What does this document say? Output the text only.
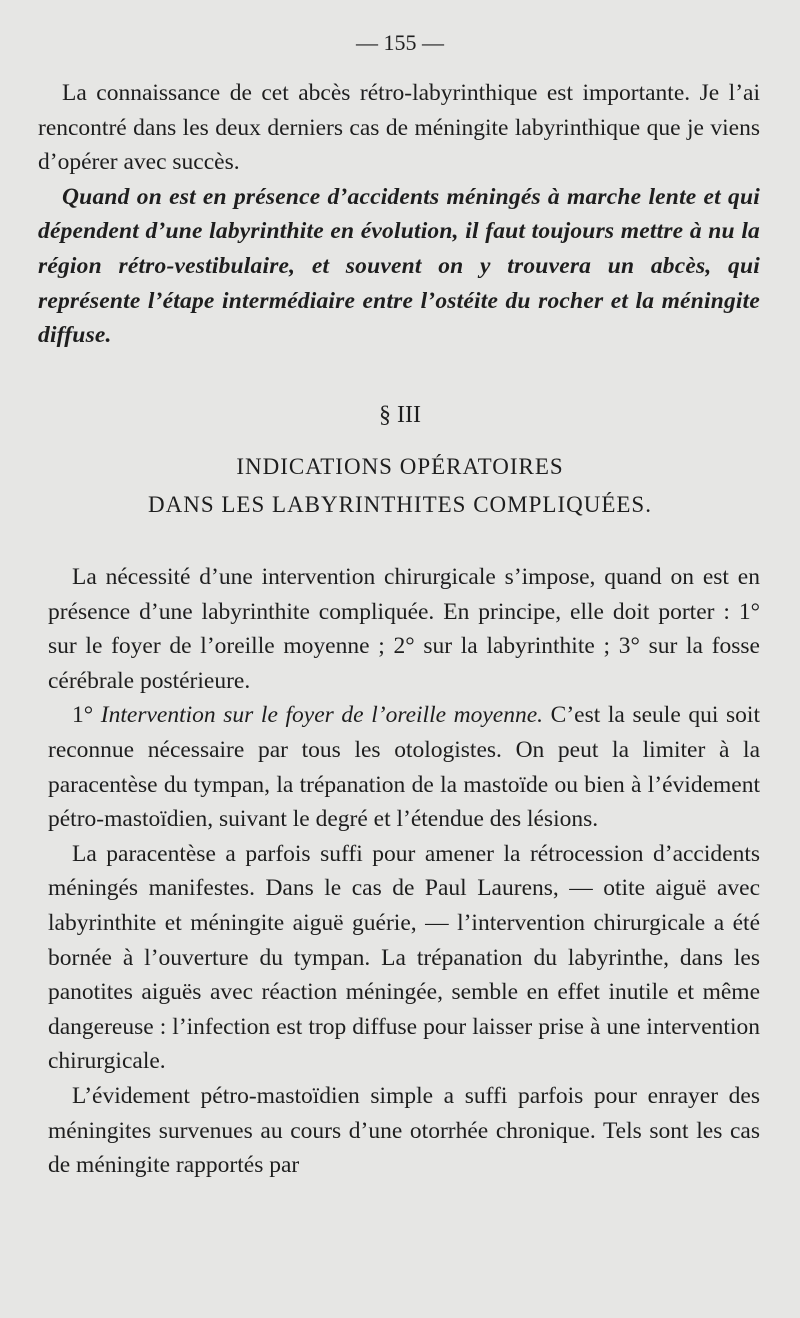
— 155 —

La connaissance de cet abcès rétro-labyrinthique est importante. Je l’ai rencontré dans les deux derniers cas de méningite labyrinthique que je viens d’opérer avec succès.

Quand on est en présence d’accidents méningés à marche lente et qui dépendent d’une labyrinthite en évolution, il faut toujours mettre à nu la région rétro-vestibulaire, et souvent on y trouvera un abcès, qui représente l’étape intermédiaire entre l’ostéite du rocher et la méningite diffuse.

§ III
INDICATIONS OPÉRATOIRES
DANS LES LABYRINTHITES COMPLIQUÉES.

La nécessité d’une intervention chirurgicale s’impose, quand on est en présence d’une labyrinthite compliquée. En principe, elle doit porter : 1° sur le foyer de l’oreille moyenne ; 2° sur la labyrinthite ; 3° sur la fosse cérébrale postérieure.

1° Intervention sur le foyer de l’oreille moyenne. C’est la seule qui soit reconnue nécessaire par tous les otologistes. On peut la limiter à la paracentèse du tympan, la trépanation de la mastoïde ou bien à l’évidement pétro-mastoïdien, suivant le degré et l’étendue des lésions.

La paracentèse a parfois suffi pour amener la rétrocession d’accidents méningés manifestes. Dans le cas de Paul Laurens, — otite aiguë avec labyrinthite et méningite aiguë guérie, — l’intervention chirurgicale a été bornée à l’ouverture du tympan. La trépanation du labyrinthe, dans les panotites aiguës avec réaction méningée, semble en effet inutile et même dangereuse : l’infection est trop diffuse pour laisser prise à une intervention chirurgicale.

L’évidement pétro-mastoïdien simple a suffi parfois pour enrayer des méningites survenues au cours d’une otorrhée chronique. Tels sont les cas de méningite rapportés par
